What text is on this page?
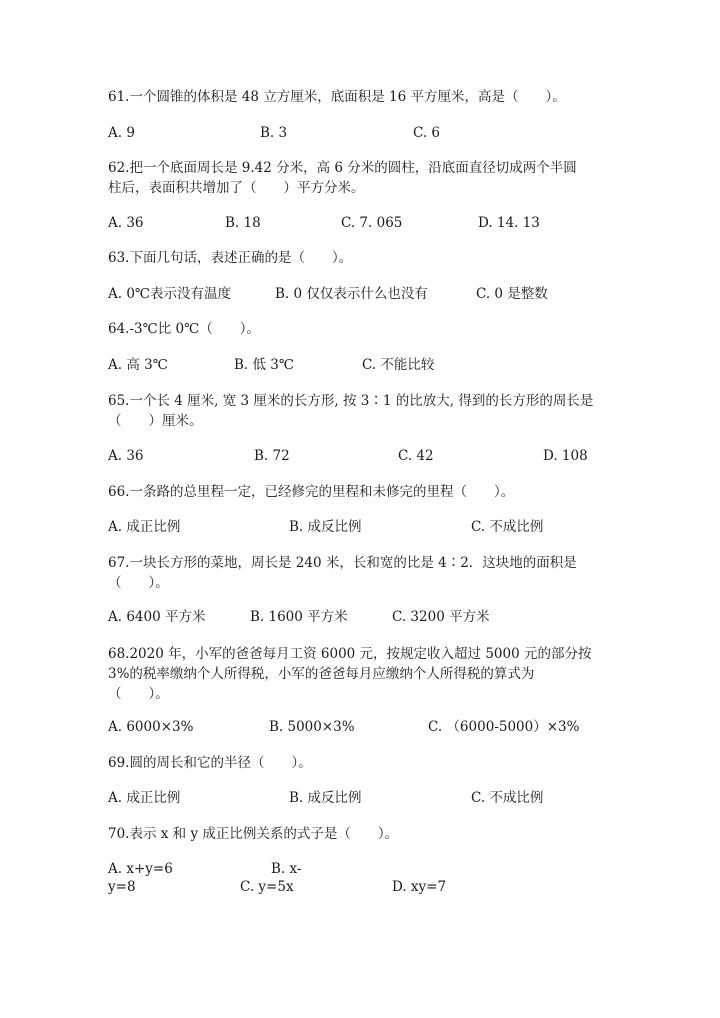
61.一个圆锥的体积是 48 立方厘米，底面积是 16 平方厘米，高是（　　）。
A. 9	B. 3	C. 6
62.把一个底面周长是 9.42 分米，高 6 分米的圆柱，沿底面直径切成两个半圆
柱后，表面积共增加了（　　）平方分米。
A. 36	B. 18	C. 7. 065	D. 14. 13
63.下面几句话，表述正确的是（　　）。
A. 0℃表示没有温度	B. 0 仅仅表示什么也没有	C. 0 是整数
64.-3℃比 0℃（　　）。
A. 高 3℃	B. 低 3℃	C. 不能比较
65.一个长 4 厘米, 宽 3 厘米的长方形, 按 3∶1 的比放大, 得到的长方形的周长是
（　　）厘米。
A. 36	B. 72	C. 42	D. 108
66.一条路的总里程一定，已经修完的里程和未修完的里程（　　）。
A. 成正比例	B. 成反比例	C. 不成比例
67.一块长方形的菜地，周长是 240 米，长和宽的比是 4∶2．这块地的面积是
（　　）。
A. 6400 平方米	B. 1600 平方米	C. 3200 平方米
68.2020 年，小军的爸爸每月工资 6000 元，按规定收入超过 5000 元的部分按
3%的税率缴纳个人所得税，小军的爸爸每月应缴纳个人所得税的算式为
（　　）。
A. 6000×3%	B. 5000×3%	C. （6000-5000）×3%
69.圆的周长和它的半径（　　）。
A. 成正比例	B. 成反比例	C. 不成比例
70.表示 x 和 y 成正比例关系的式子是（　　）。
A. x+y=6	B. x-
y=8	C. y=5x	D. xy=7
